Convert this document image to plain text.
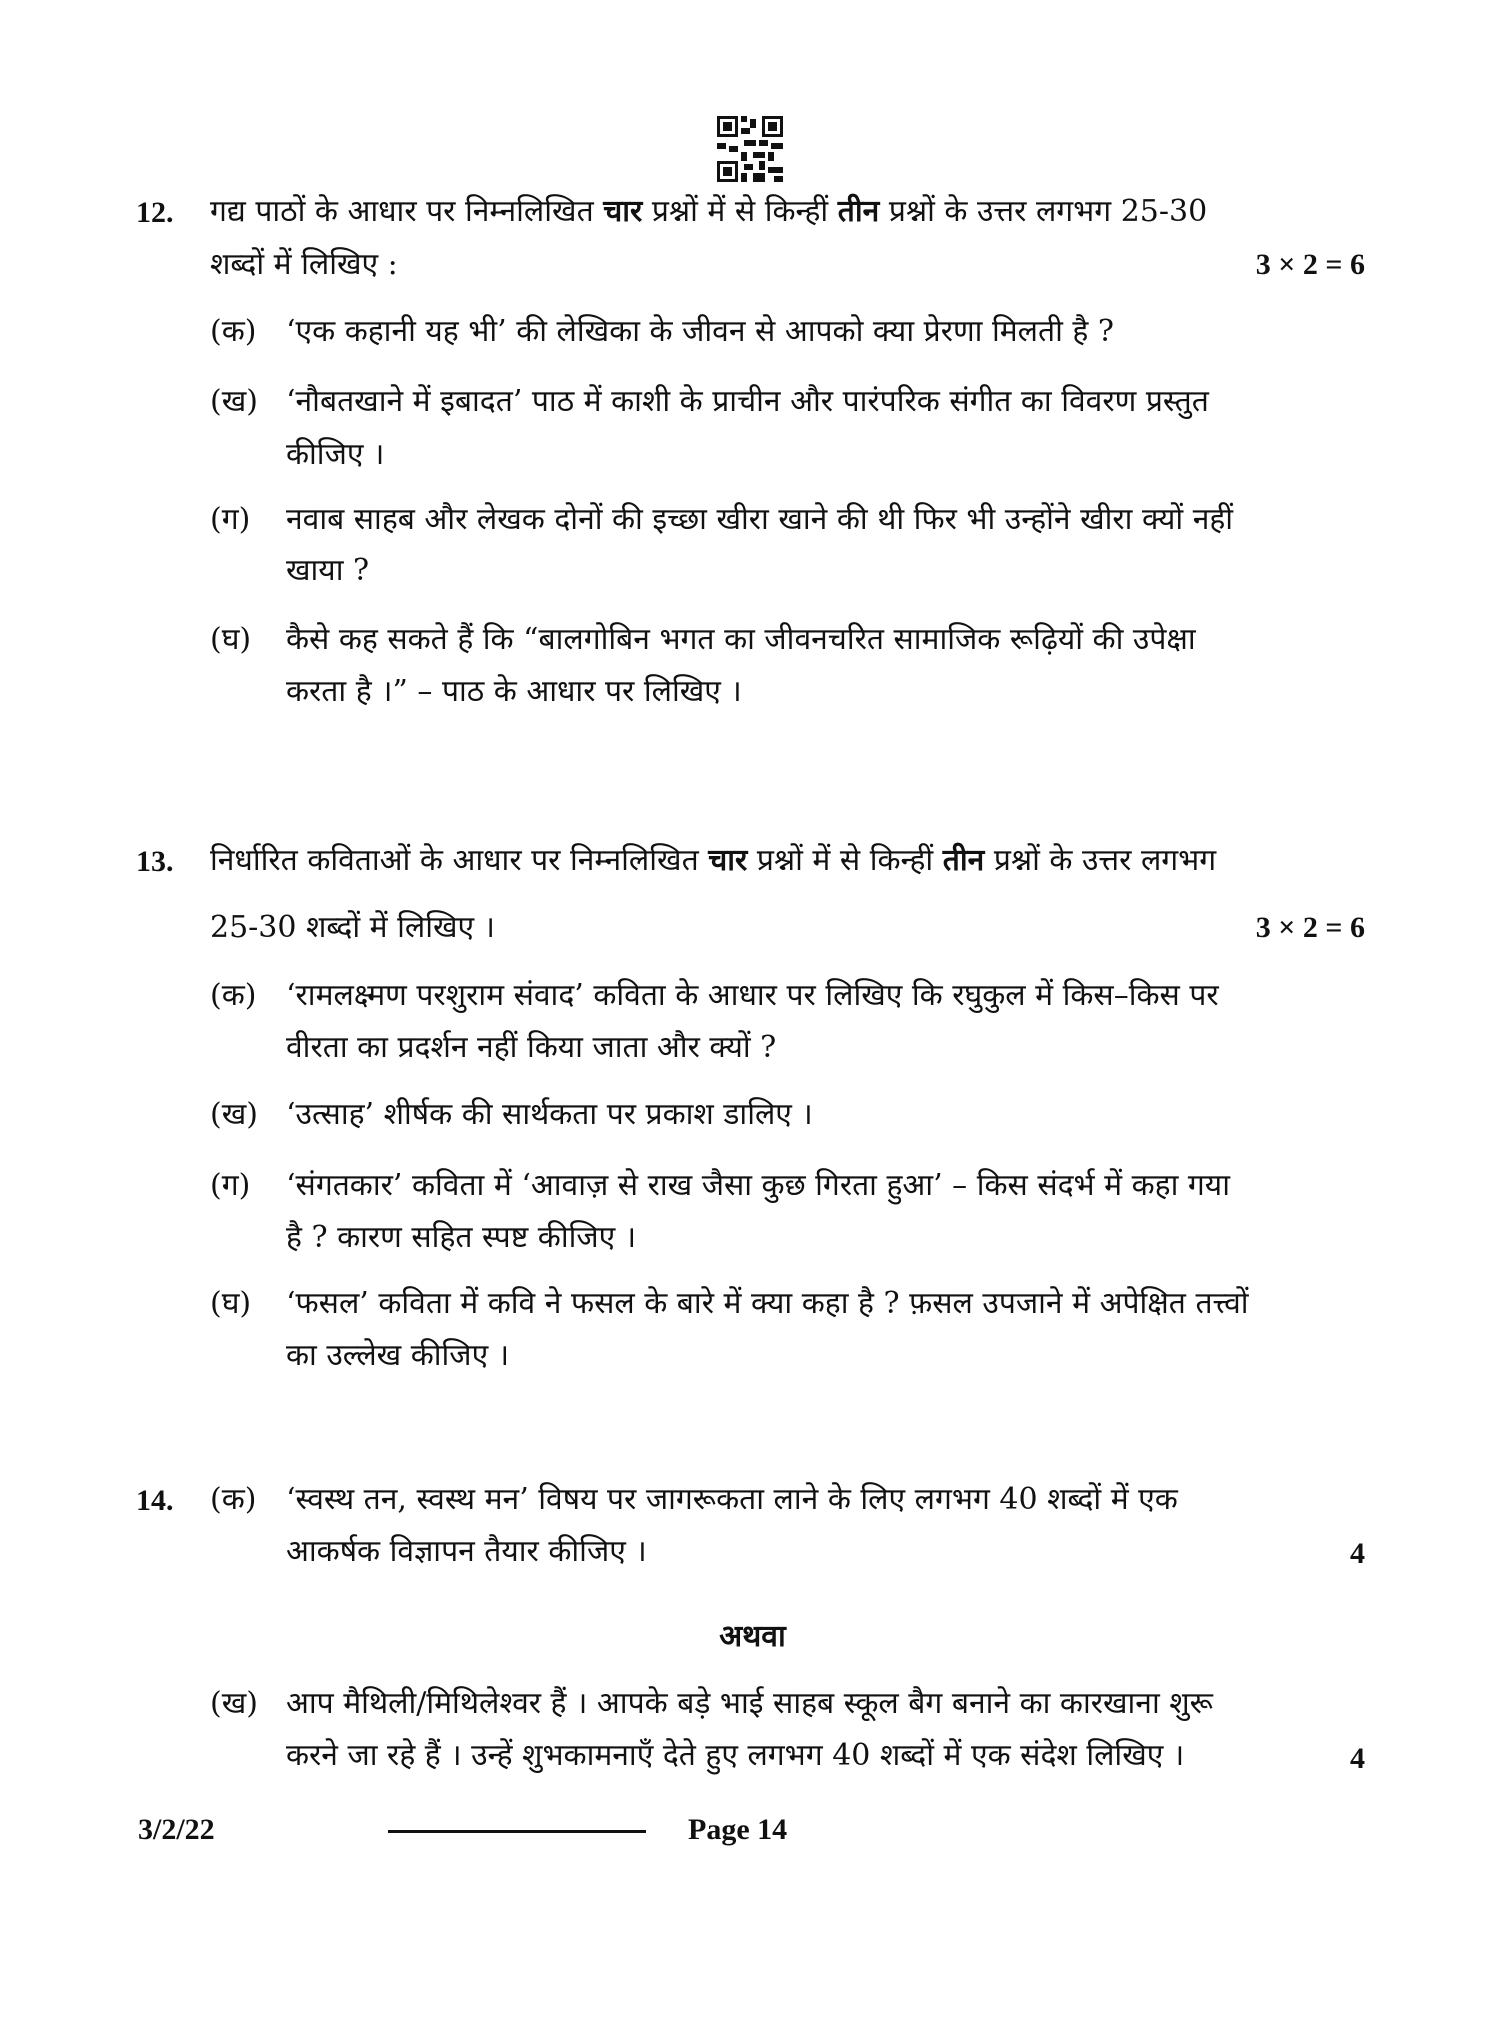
12. गद्य पाठों के आधार पर निम्नलिखित चार प्रश्नों में से किन्हीं तीन प्रश्नों के उत्तर लगभग 25-30
शब्दों में लिखिए :	3 × 2 = 6
(क) ‘एक कहानी यह भी’ की लेखिका के जीवन से आपको क्या प्रेरणा मिलती है ?
(ख) ‘नौबतखाने में इबादत’ पाठ में काशी के प्राचीन और पारंपरिक संगीत का विवरण प्रस्तुत
कीजिए ।
(ग) नवाब साहब और लेखक दोनों की इच्छा खीरा खाने की थी फिर भी उन्होंने खीरा क्यों नहीं
खाया ?
(घ) कैसे कह सकते हैं कि “बालगोबिन भगत का जीवनचरित सामाजिक रूढ़ियों की उपेक्षा
करता है ।” – पाठ के आधार पर लिखिए ।
13. निर्धारित कविताओं के आधार पर निम्नलिखित चार प्रश्नों में से किन्हीं तीन प्रश्नों के उत्तर लगभग
25-30 शब्दों में लिखिए ।	3 × 2 = 6
(क) ‘रामलक्ष्मण परशुराम संवाद’ कविता के आधार पर लिखिए कि रघुकुल में किस–किस पर
वीरता का प्रदर्शन नहीं किया जाता और क्यों ?
(ख) ‘उत्साह’ शीर्षक की सार्थकता पर प्रकाश डालिए ।
(ग) ‘संगतकार’ कविता में ‘आवाज़ से राख जैसा कुछ गिरता हुआ’ – किस संदर्भ में कहा गया
है ? कारण सहित स्पष्ट कीजिए ।
(घ) ‘फसल’ कविता में कवि ने फसल के बारे में क्या कहा है ? फ़सल उपजाने में अपेक्षित तत्त्वों
का उल्लेख कीजिए ।
14. (क) ‘स्वस्थ तन, स्वस्थ मन’ विषय पर जागरूकता लाने के लिए लगभग 40 शब्दों में एक
आकर्षक विज्ञापन तैयार कीजिए ।	4
अथवा
(ख) आप मैथिली/मिथिलेश्वर हैं । आपके बड़े भाई साहब स्कूल बैग बनाने का कारखाना शुरू
करने जा रहे हैं । उन्हें शुभकामनाएँ देते हुए लगभग 40 शब्दों में एक संदेश लिखिए ।	4
3/2/22	Page 14
